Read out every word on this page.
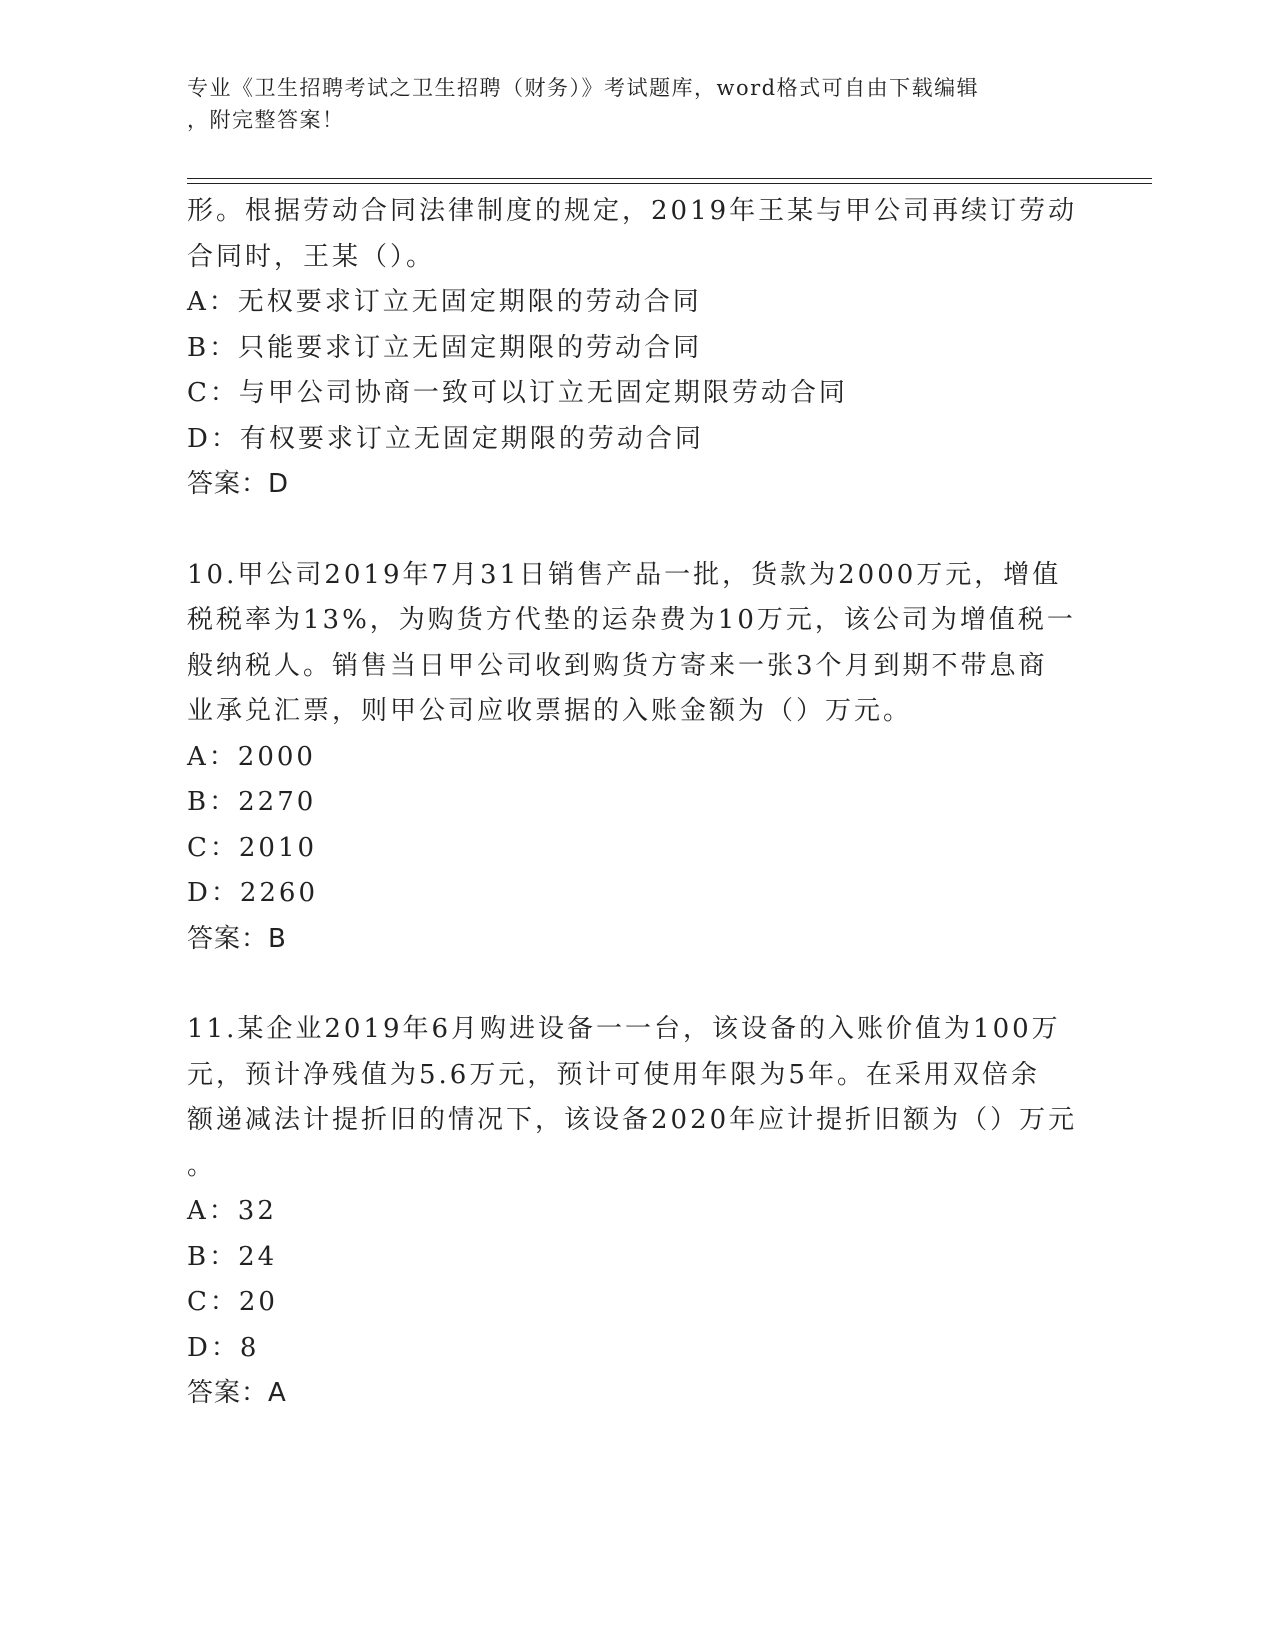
专业《卫生招聘考试之卫生招聘（财务）》考试题库，word格式可自由下载编辑
，附完整答案！
形。根据劳动合同法律制度的规定，2019年王某与甲公司再续订劳动
合同时，王某（）。
A：无权要求订立无固定期限的劳动合同
B：只能要求订立无固定期限的劳动合同
C：与甲公司协商一致可以订立无固定期限劳动合同
D：有权要求订立无固定期限的劳动合同
答案：D
10.甲公司2019年7月31日销售产品一批，货款为2000万元，增值
税税率为13%，为购货方代垫的运杂费为10万元，该公司为增值税一
般纳税人。销售当日甲公司收到购货方寄来一张3个月到期不带息商
业承兑汇票，则甲公司应收票据的入账金额为（）万元。
A：2000
B：2270
C：2010
D：2260
答案：B
11.某企业2019年6月购进设备一一台，该设备的入账价值为100万
元，预计净残值为5.6万元，预计可使用年限为5年。在采用双倍余
额递减法计提折旧的情况下，该设备2020年应计提折旧额为（）万元
。
A：32
B：24
C：20
D：8
答案：A
